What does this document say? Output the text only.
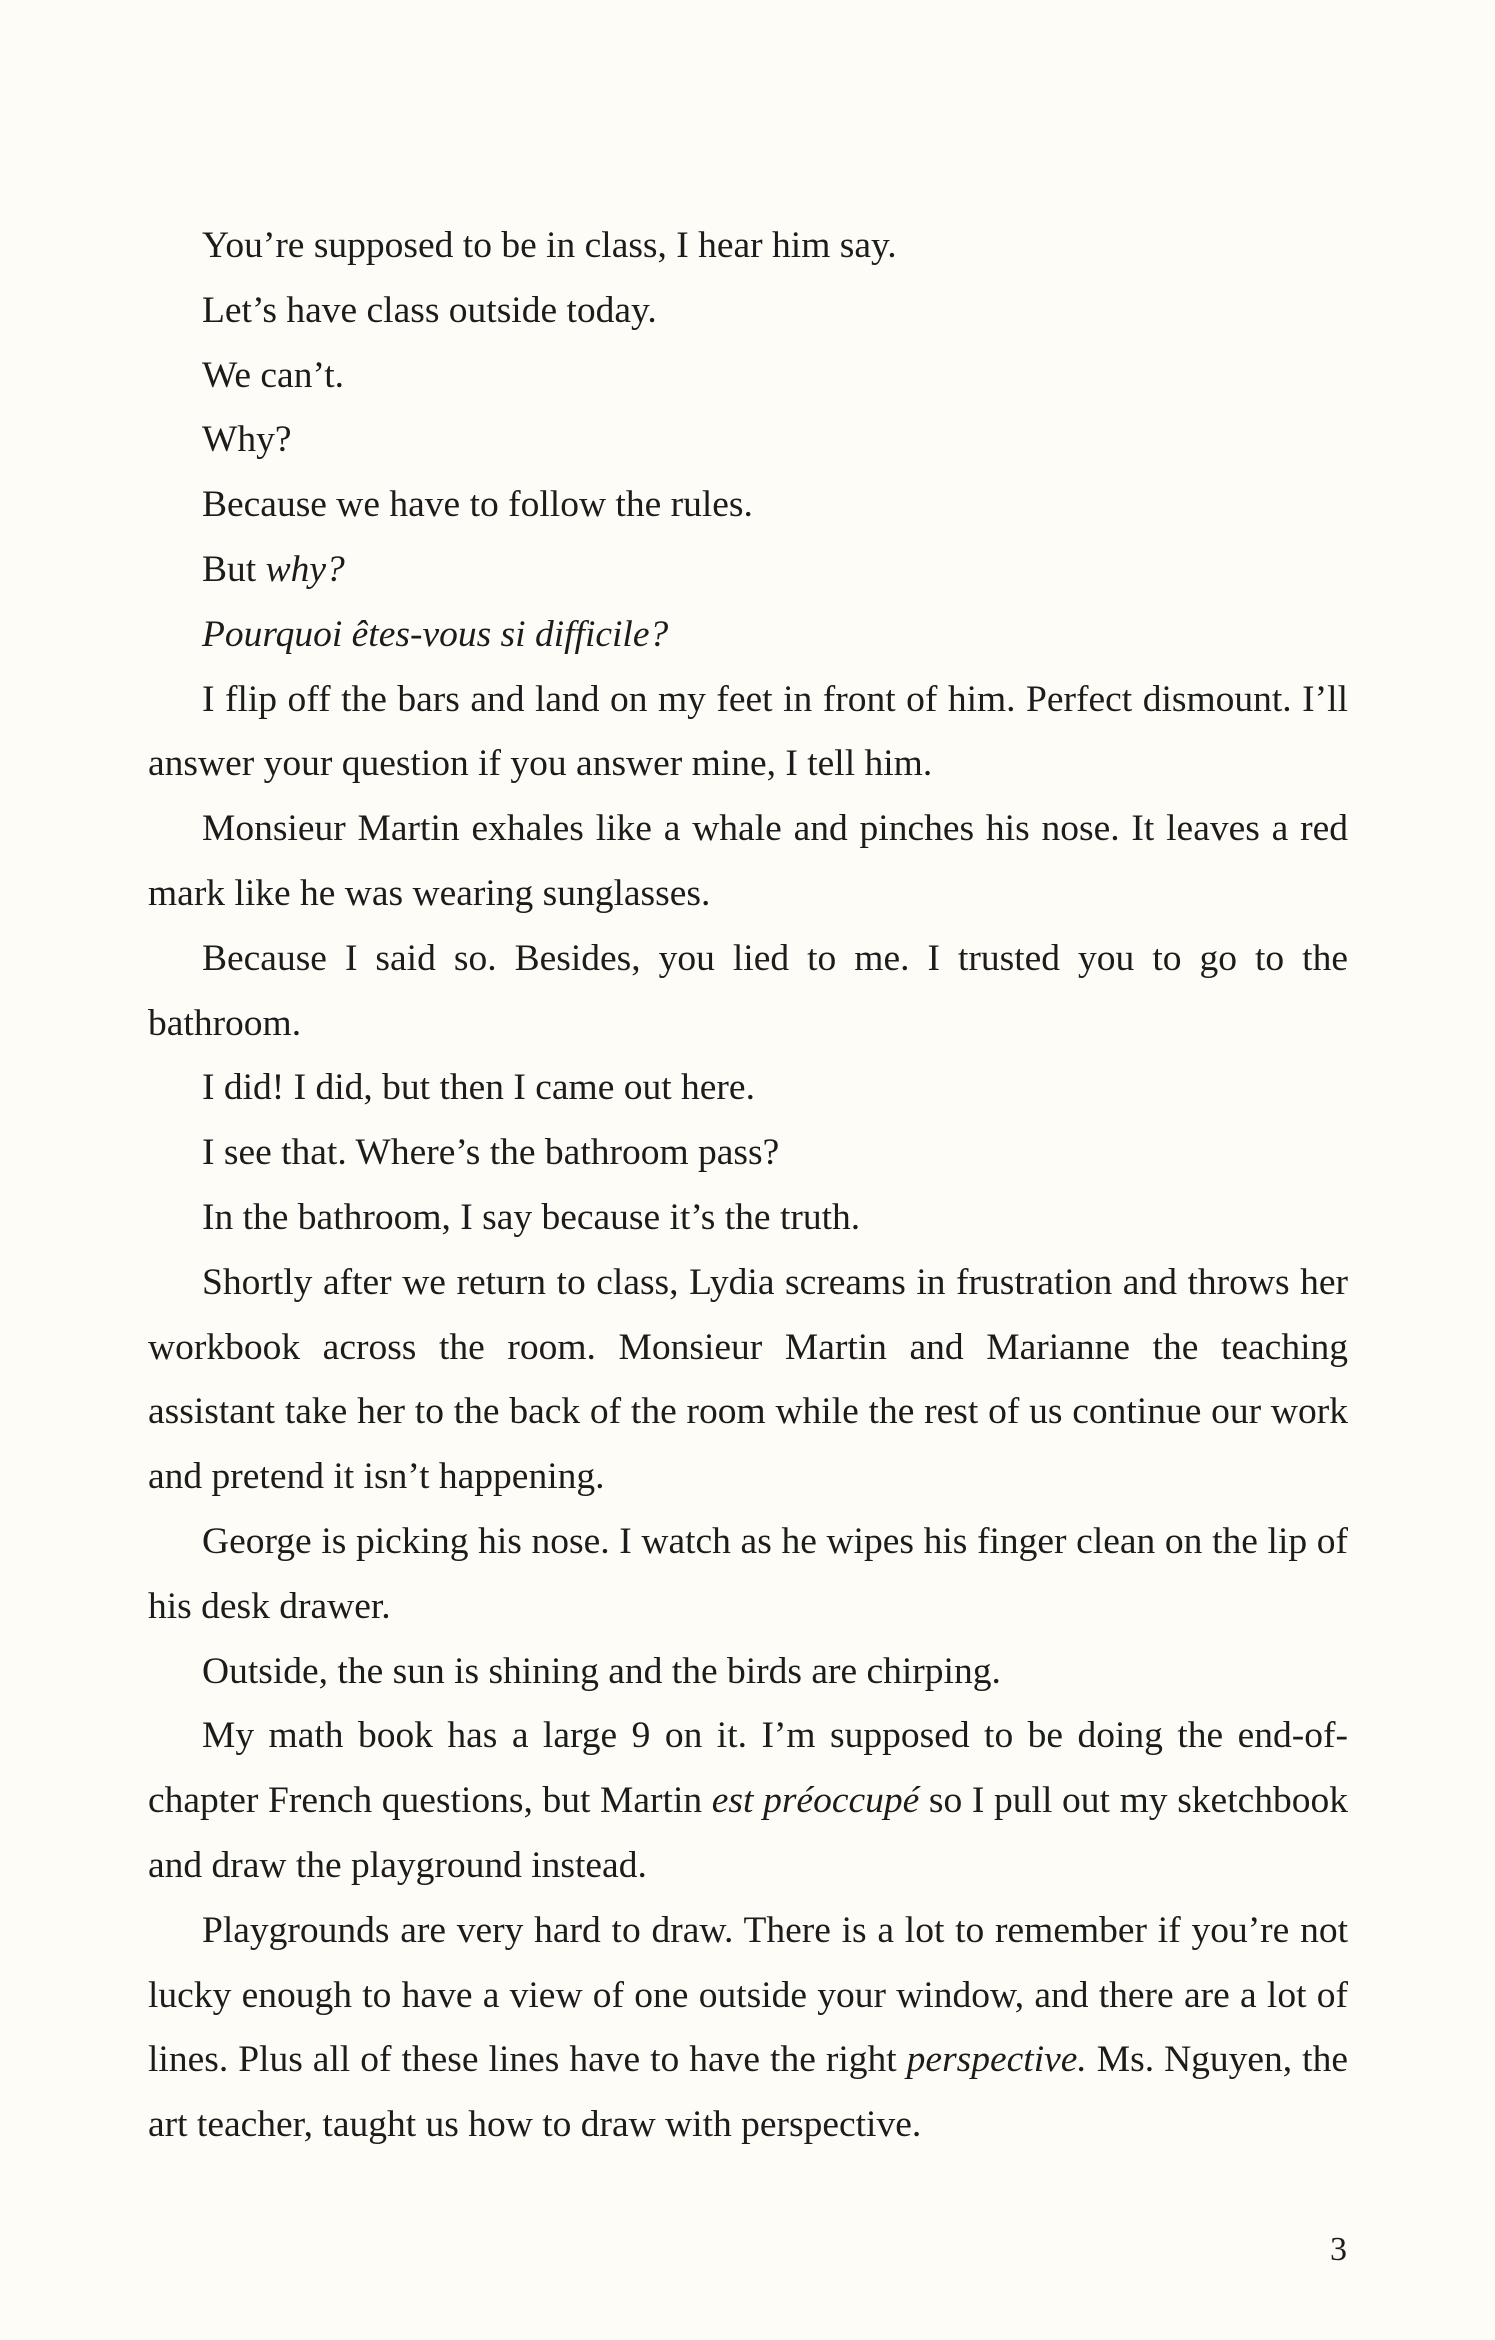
You’re supposed to be in class, I hear him say.

Let’s have class outside today.

We can’t.

Why?

Because we have to follow the rules.

But why?

Pourquoi êtes-vous si difficile?

I flip off the bars and land on my feet in front of him. Perfect dismount. I’ll answer your question if you answer mine, I tell him.

Monsieur Martin exhales like a whale and pinches his nose. It leaves a red mark like he was wearing sunglasses.

Because I said so. Besides, you lied to me. I trusted you to go to the bathroom.

I did! I did, but then I came out here.

I see that. Where’s the bathroom pass?

In the bathroom, I say because it’s the truth.

Shortly after we return to class, Lydia screams in frustration and throws her workbook across the room. Monsieur Martin and Marianne the teaching assistant take her to the back of the room while the rest of us continue our work and pretend it isn’t happening.

George is picking his nose. I watch as he wipes his finger clean on the lip of his desk drawer.

Outside, the sun is shining and the birds are chirping.

My math book has a large 9 on it. I’m supposed to be doing the end-of-chapter French questions, but Martin est préoccupé so I pull out my sketchbook and draw the playground instead.

Playgrounds are very hard to draw. There is a lot to remember if you’re not lucky enough to have a view of one outside your window, and there are a lot of lines. Plus all of these lines have to have the right perspective. Ms. Nguyen, the art teacher, taught us how to draw with perspective.

3
